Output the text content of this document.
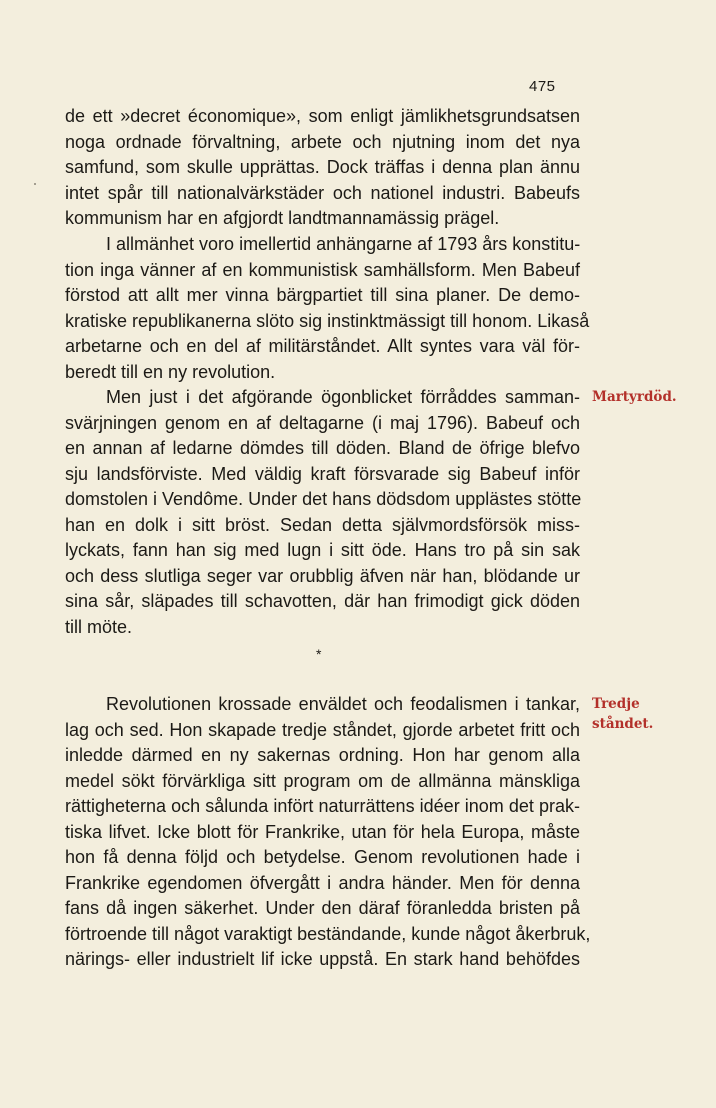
475
de ett »decret économique», som enligt jämlikhetsgrundsatsen
noga ordnade förvaltning, arbete och njutning inom det nya
samfund, som skulle upprättas. Dock träffas i denna plan ännu
intet spår till nationalvärkstäder och nationel industri. Babeufs
kommunism har en afgjordt landtmannamässig prägel.
I allmänhet voro imellertid anhängarne af 1793 års konstitu-
tion inga vänner af en kommunistisk samhällsform. Men Babeuf
förstod att allt mer vinna bärgpartiet till sina planer. De demo-
kratiske republikanerna slöto sig instinktmässigt till honom. Likaså
arbetarne och en del af militärståndet. Allt syntes vara väl för-
beredt till en ny revolution.
Men just i det afgörande ögonblicket förråddes samman-
svärjningen genom en af deltagarne (i maj 1796). Babeuf och
en annan af ledarne dömdes till döden. Bland de öfrige blefvo
sju landsförviste. Med väldig kraft försvarade sig Babeuf inför
domstolen i Vendôme. Under det hans dödsdom upplästes stötte
han en dolk i sitt bröst. Sedan detta självmordsförsök miss-
lyckats, fann han sig med lugn i sitt öde. Hans tro på sin sak
och dess slutliga seger var orubblig äfven när han, blödande ur
sina sår, släpades till schavotten, där han frimodigt gick döden
till möte.
*
Revolutionen krossade enväldet och feodalismen i tankar,
lag och sed. Hon skapade tredje ståndet, gjorde arbetet fritt och
inledde därmed en ny sakernas ordning. Hon har genom alla
medel sökt förvärkliga sitt program om de allmänna mänskliga
rättigheterna och sålunda infört naturrättens idéer inom det prak-
tiska lifvet. Icke blott för Frankrike, utan för hela Europa, måste
hon få denna följd och betydelse. Genom revolutionen hade i
Frankrike egendomen öfvergått i andra händer. Men för denna
fans då ingen säkerhet. Under den däraf föranledda bristen på
förtroende till något varaktigt beständande, kunde något åkerbruk,
närings- eller industrielt lif icke uppstå. En stark hand behöfdes
Martyrdöd.
Tredje
ståndet.
